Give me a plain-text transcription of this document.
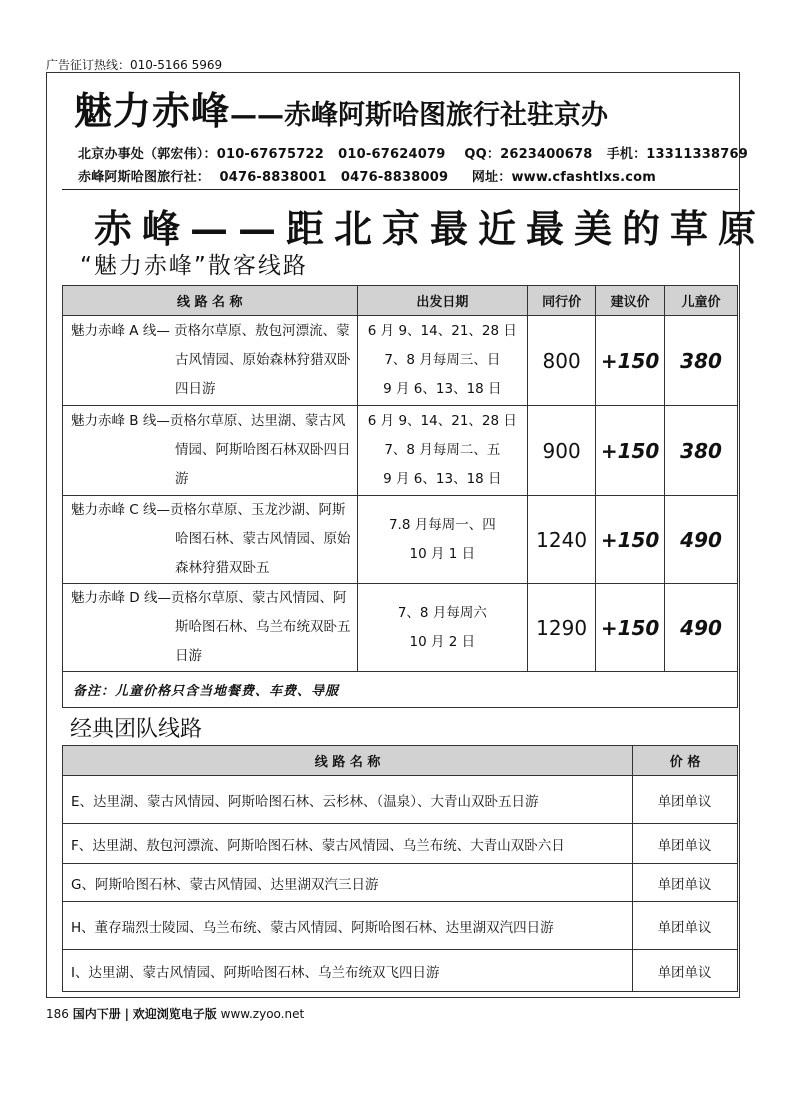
广告征订热线：010-5166 5969
魅力赤峰——赤峰阿斯哈图旅行社驻京办
北京办事处（郭宏伟）：010-67675722   010-67624079    QQ：2623400678   手机：13311338769
赤峰阿斯哈图旅行社：  0476-8838001   0476-8838009     网址：www.cfashtlxs.com
赤峰——距北京最近最美的草原
“魅力赤峰”散客线路
线 路 名 称	出发日期	同行价	建议价	儿童价

魅力赤峰 A 线— 贡格尔草原、敖包河漂流、蒙古风情园、原始森林狩猎双卧四日游	6 月 9、14、21、28 日
7、8 月每周三、日
9 月 6、13、18 日	800	+150	380

魅力赤峰 B 线—贡格尔草原、达里湖、蒙古风情园、阿斯哈图石林双卧四日游	6 月 9、14、21、28 日
7、8 月每周二、五
9 月 6、13、18 日	900	+150	380

魅力赤峰 C 线—贡格尔草原、玉龙沙湖、阿斯哈图石林、蒙古风情园、原始森林狩猎双卧五	7.8 月每周一、四
10 月 1 日	1240	+150	490

魅力赤峰 D 线—贡格尔草原、蒙古风情园、阿斯哈图石林、乌兰布统双卧五日游	7、8 月每周六
10 月 2 日	1290	+150	490
备注：儿童价格只含当地餐费、车费、导服				
经典团队线路
线 路 名 称	价 格
E、达里湖、蒙古风情园、阿斯哈图石林、云杉林、（温泉）、大青山双卧五日游	单团单议
F、达里湖、敖包河漂流、阿斯哈图石林、蒙古风情园、乌兰布统、大青山双卧六日	单团单议
G、阿斯哈图石林、蒙古风情园、达里湖双汽三日游	单团单议
H、董存瑞烈士陵园、乌兰布统、蒙古风情园、阿斯哈图石林、达里湖双汽四日游	单团单议
I、达里湖、蒙古风情园、阿斯哈图石林、乌兰布统双飞四日游	单团单议
186 国内下册 | 欢迎浏览电子版 www.zyoo.net
